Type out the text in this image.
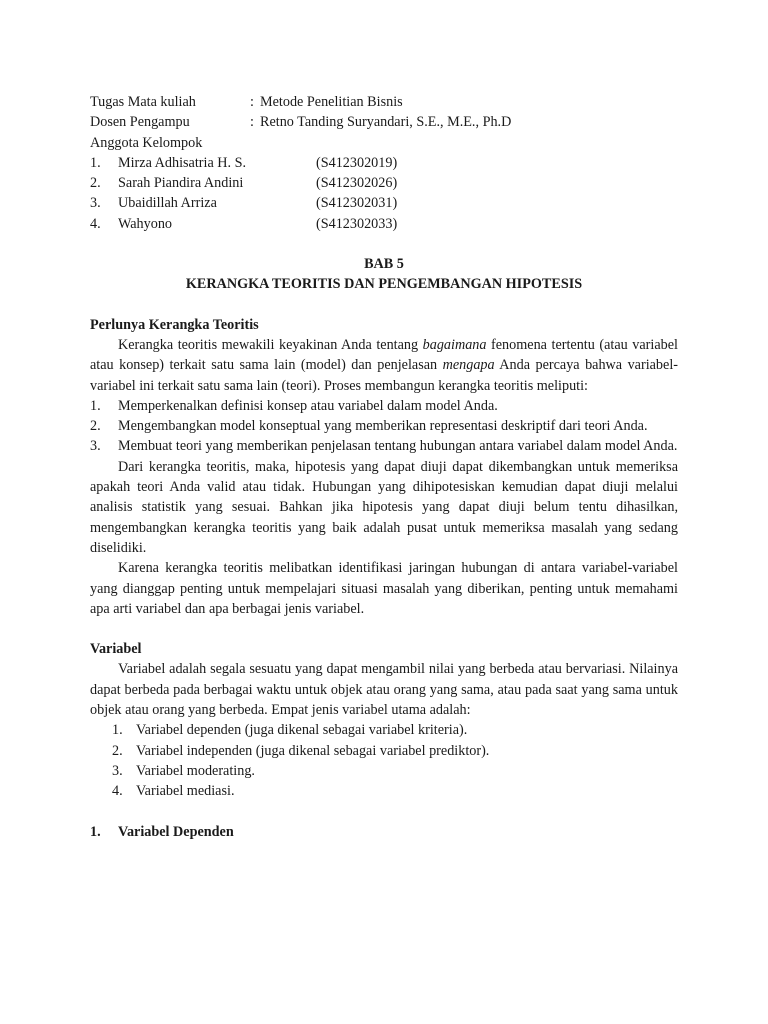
Tugas Mata kuliah	: Metode Penelitian Bisnis
Dosen Pengampu	: Retno Tanding Suryandari, S.E., M.E., Ph.D
Anggota Kelompok
1.	Mirza Adhisatria H. S.	(S412302019)
2.	Sarah Piandira Andini	(S412302026)
3.	Ubaidillah Arriza	(S412302031)
4.	Wahyono	(S412302033)
BAB 5
KERANGKA TEORITIS DAN PENGEMBANGAN HIPOTESIS
Perlunya Kerangka Teoritis

Kerangka teoritis mewakili keyakinan Anda tentang bagaimana fenomena tertentu (atau variabel atau konsep) terkait satu sama lain (model) dan penjelasan mengapa Anda percaya bahwa variabel-variabel ini terkait satu sama lain (teori). Proses membangun kerangka teoritis meliputi:

1.	Memperkenalkan definisi konsep atau variabel dalam model Anda.
2.	Mengembangkan model konseptual yang memberikan representasi deskriptif dari teori Anda.
3.	Membuat teori yang memberikan penjelasan tentang hubungan antara variabel dalam model Anda.

Dari kerangka teoritis, maka, hipotesis yang dapat diuji dapat dikembangkan untuk memeriksa apakah teori Anda valid atau tidak. Hubungan yang dihipotesiskan kemudian dapat diuji melalui analisis statistik yang sesuai. Bahkan jika hipotesis yang dapat diuji belum tentu dihasilkan, mengembangkan kerangka teoritis yang baik adalah pusat untuk memeriksa masalah yang sedang diselidiki.

Karena kerangka teoritis melibatkan identifikasi jaringan hubungan di antara variabel-variabel yang dianggap penting untuk mempelajari situasi masalah yang diberikan, penting untuk memahami apa arti variabel dan apa berbagai jenis variabel.

Variabel

Variabel adalah segala sesuatu yang dapat mengambil nilai yang berbeda atau bervariasi. Nilainya dapat berbeda pada berbagai waktu untuk objek atau orang yang sama, atau pada saat yang sama untuk objek atau orang yang berbeda. Empat jenis variabel utama adalah:

1. Variabel dependen (juga dikenal sebagai variabel kriteria).
2. Variabel independen (juga dikenal sebagai variabel prediktor).
3. Variabel moderating.
4. Variabel mediasi.
1.	Variabel Dependen
